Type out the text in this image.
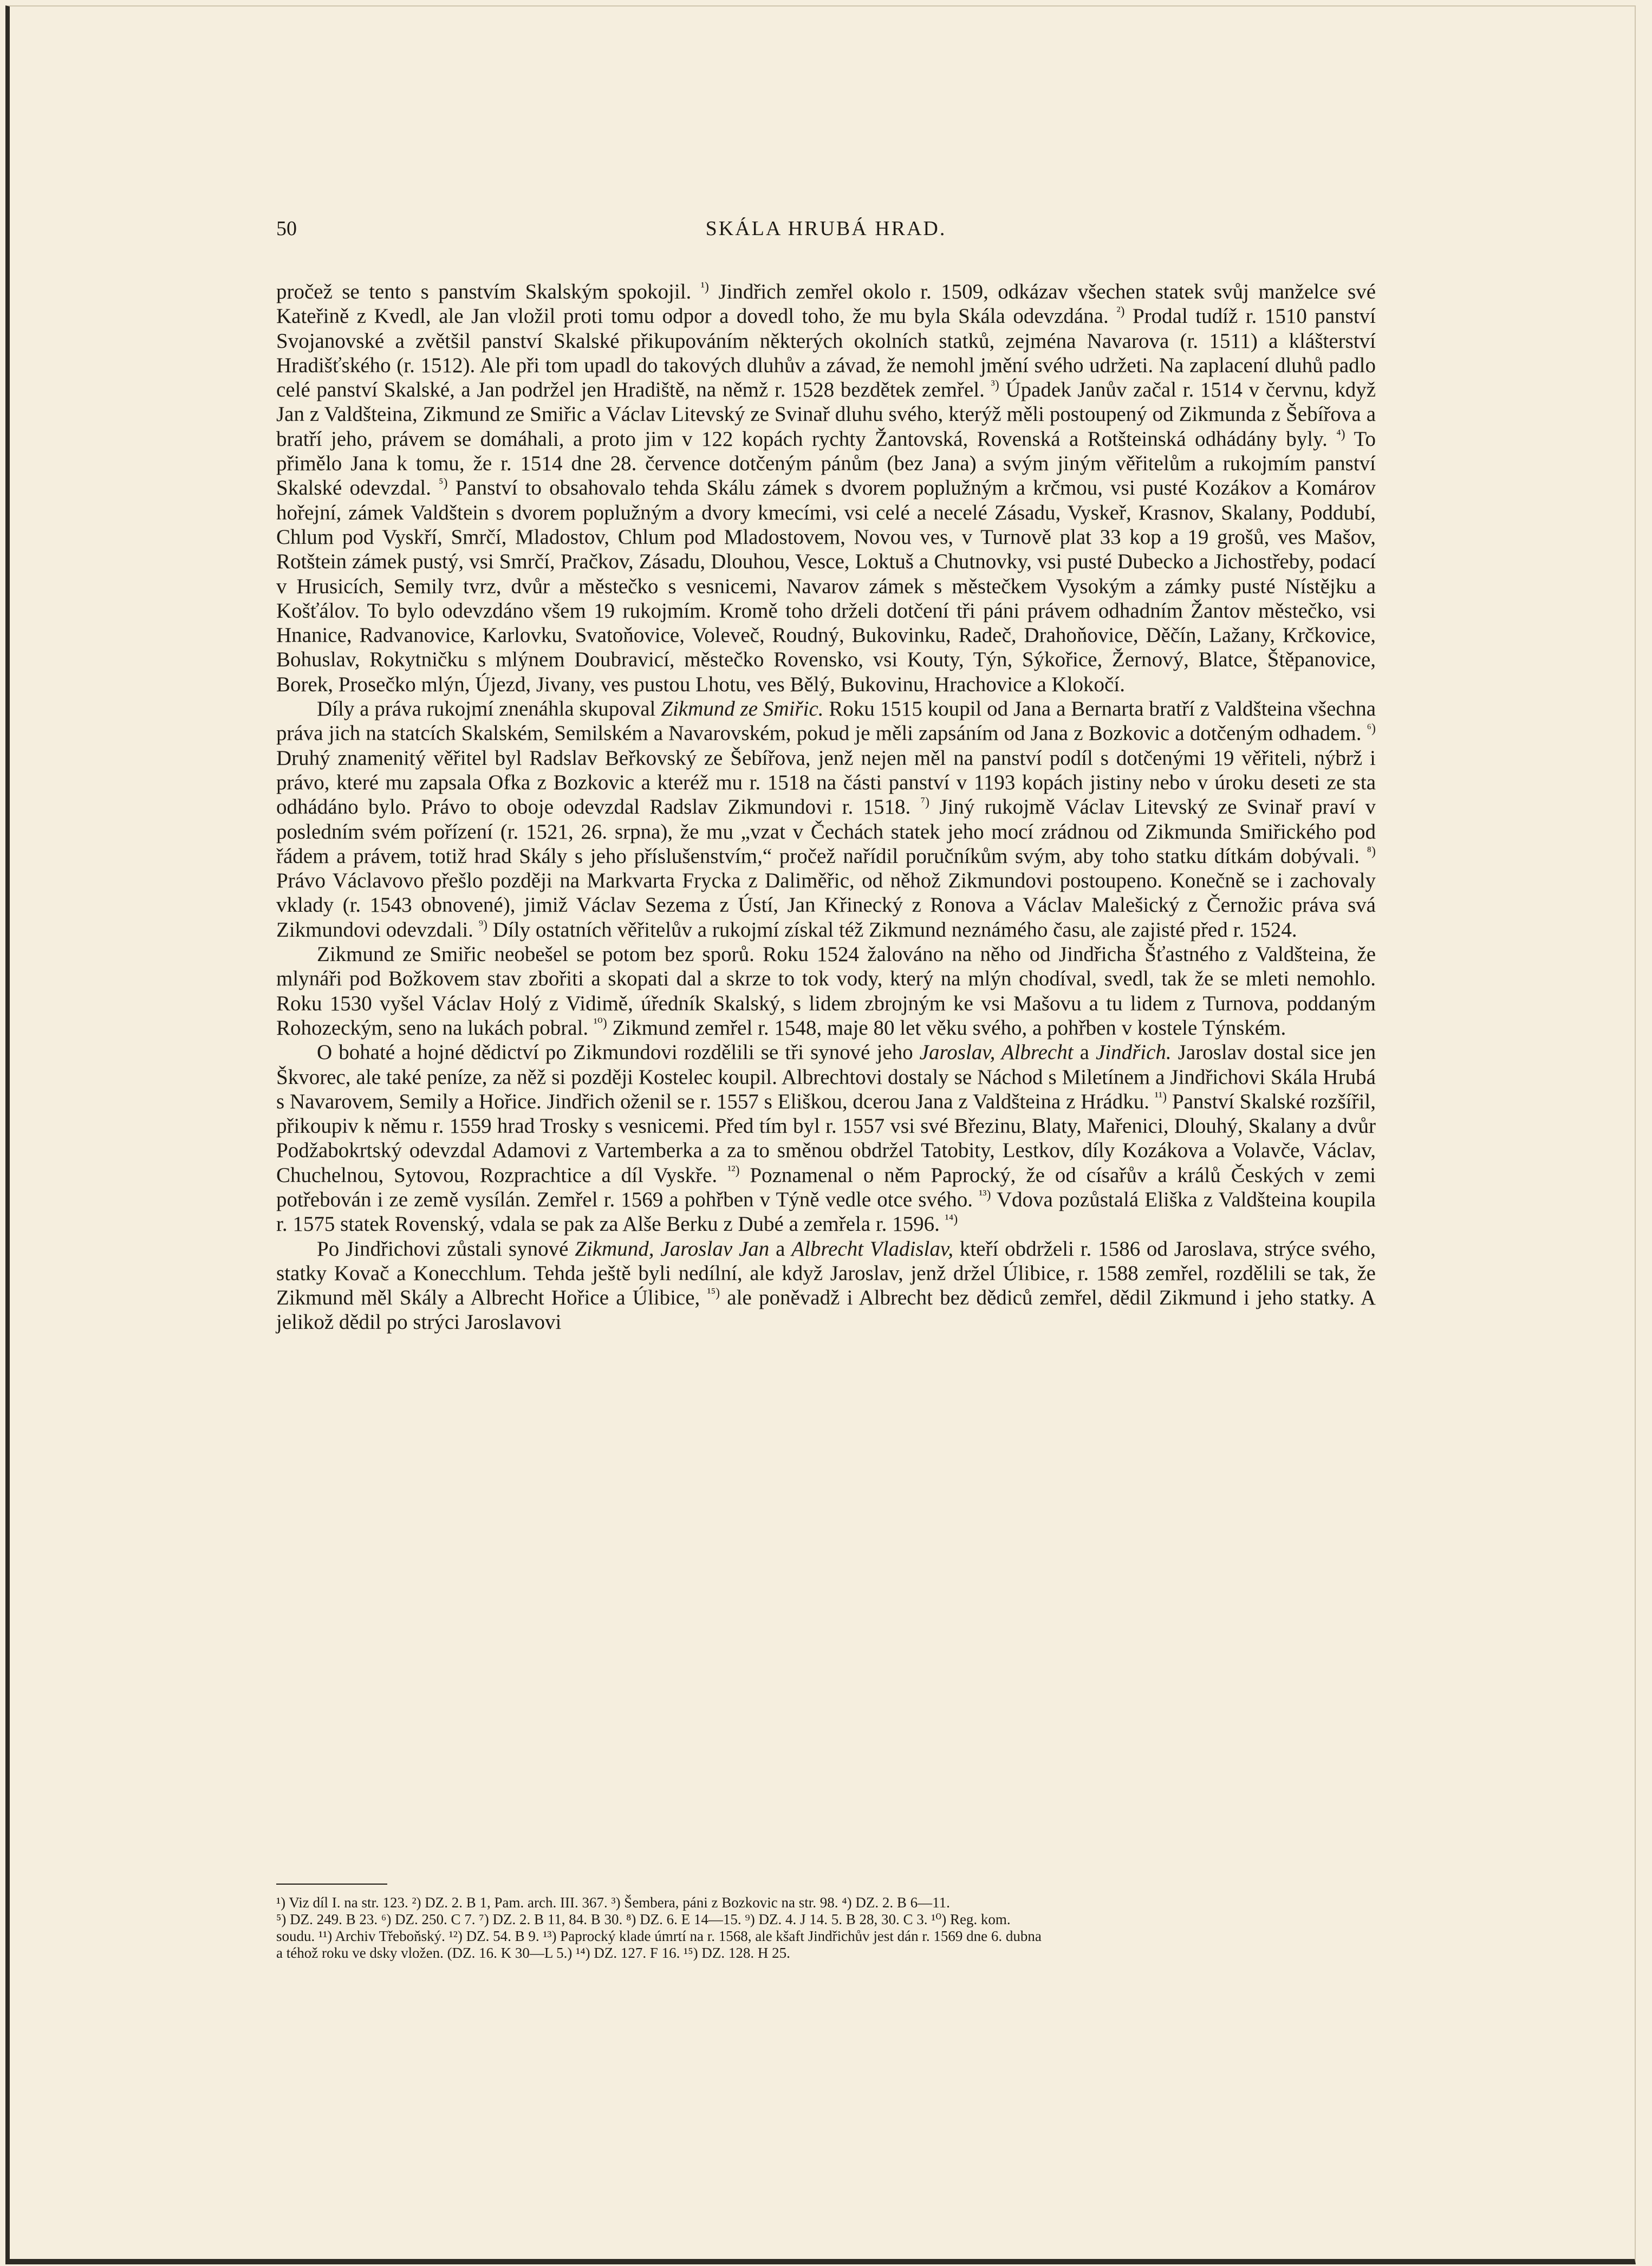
50	SKÁLA HRUBÁ HRAD.

pročež se tento s panstvím Skalským spokojil. $^{^1)}$ Jindřich zemřel okolo r. 1509, odkázav všechen statek svůj manželce své Kateřině z Kvedl, ale Jan vložil proti tomu odpor a dovedl toho, že mu byla Skála odevzdána. $^{^2)}$ Prodal tudíž r. 1510 panství Svojanovské a zvětšil panství Skalské přikupováním některých okolních statků, zejména Navarova (r. 1511) a klášterství Hradišťského (r. 1512). Ale při tom upadl do takových dluhův a závad, že nemohl jmění svého udržeti. Na zaplacení dluhů padlo celé panství Skalské, a Jan podržel jen Hradiště, na němž r. 1528 bezdětek zemřel. $^{^3)}$ Úpadek Janův začal r. 1514 v červnu, když Jan z Valdšteina, Zikmund ze Smiřic a Václav Litevský ze Svinař dluhu svého, kterýž měli postoupený od Zikmunda z Šebířova a bratří jeho, právem se domáhali, a proto jim v 122 kopách rychty Žantovská, Rovenská a Rotšteinská odhádány byly. $^{^4)}$ To přimělo Jana k tomu, že r. 1514 dne 28. července dotčeným pánům (bez Jana) a svým jiným věřitelům a rukojmím panství Skalské odevzdal. $^{^5)}$ Panství to obsahovalo tehda Skálu zámek s dvorem poplužným a krčmou, vsi pusté Kozákov a Komárov hořejní, zámek Valdštein s dvorem poplužným a dvory kmecími, vsi celé a necelé Zásadu, Vyskeř, Krasnov, Skalany, Poddubí, Chlum pod Vyskří, Smrčí, Mladostov, Chlum pod Mladostovem, Novou ves, v Turnově plat 33 kop a 19 grošů, ves Mašov, Rotštein zámek pustý, vsi Smrčí, Pračkov, Zásadu, Dlouhou, Vesce, Loktuš a Chutnovky, vsi pusté Dubecko a Jichostřeby, podací v Hrusicích, Semily tvrz, dvůr a městečko s vesnicemi, Navarov zámek s městečkem Vysokým a zámky pusté Nístějku a Košťálov. To bylo odevzdáno všem 19 rukojmím. Kromě toho drželi dotčení tři páni právem odhadním Žantov městečko, vsi Hnanice, Radvanovice, Karlovku, Svatoňovice, Voleveč, Roudný, Bukovinku, Radeč, Drahoňovice, Děčín, Lažany, Krčkovice, Bohuslav, Rokytničku s mlýnem Doubravicí, městečko Rovensko, vsi Kouty, Týn, Sýkořice, Žernový, Blatce, Štěpanovice, Borek, Prosečko mlýn, Újezd, Jivany, ves pustou Lhotu, ves Bělý, Bukovinu, Hrachovice a Klokočí.

Díly a práva rukojmí znenáhla skupoval Zikmund ze Smiřic. Roku 1515 koupil od Jana a Bernarta bratří z Valdšteina všechna práva jich na statcích Skalském, Semilském a Navarovském, pokud je měli zapsáním od Jana z Bozkovic a dotčeným odhadem. $^{^6)}$ Druhý znamenitý věřitel byl Radslav Beřkovský ze Šebířova, jenž nejen měl na panství podíl s dotčenými 19 věřiteli, nýbrž i právo, které mu zapsala Ofka z Bozkovic a kteréž mu r. 1518 na části panství v 1193 kopách jistiny nebo v úroku deseti ze sta odhádáno bylo. Právo to oboje odevzdal Radslav Zikmundovi r. 1518. $^{^7)}$ Jiný rukojmě Václav Litevský ze Svinař praví v posledním svém pořízení (r. 1521, 26. srpna), že mu „vzat v Čechách statek jeho mocí zrádnou od Zikmunda Smiřického pod řádem a právem, totiž hrad Skály s jeho příslušenstvím,“ pročež nařídil poručníkům svým, aby toho statku dítkám dobývali. $^{^8)}$ Právo Václavovo přešlo později na Markvarta Frycka z Daliměřic, od něhož Zikmundovi postoupeno. Konečně se i zachovaly vklady (r. 1543 obnovené), jimiž Václav Sezema z Ústí, Jan Křinecký z Ronova a Václav Malešický z Černožic práva svá Zikmundovi odevzdali. $^{^9)}$ Díly ostatních věřitelův a rukojmí získal též Zikmund neznámého času, ale zajisté před r. 1524.

Zikmund ze Smiřic neobešel se potom bez sporů. Roku 1524 žalováno na něho od Jindřicha Šťastného z Valdšteina, že mlynáři pod Božkovem stav zbořiti a skopati dal a skrze to tok vody, který na mlýn chodíval, svedl, tak že se mleti nemohlo. Roku 1530 vyšel Václav Holý z Vidimě, úředník Skalský, s lidem zbrojným ke vsi Mašovu a tu lidem z Turnova, poddaným Rohozeckým, seno na lukách pobral. $^{^{10})}$ Zikmund zemřel r. 1548, maje 80 let věku svého, a pohřben v kostele Týnském.

O bohaté a hojné dědictví po Zikmundovi rozdělili se tři synové jeho Jaroslav, Albrecht a Jindřich. Jaroslav dostal sice jen Škvorec, ale také peníze, za něž si později Kostelec koupil. Albrechtovi dostaly se Náchod s Miletínem a Jindřichovi Skála Hrubá s Navarovem, Semily a Hořice. Jindřich oženil se r. 1557 s Eliškou, dcerou Jana z Valdšteina z Hrádku. $^{^{11})}$ Panství Skalské rozšířil, přikoupiv k němu r. 1559 hrad Trosky s vesnicemi. Před tím byl r. 1557 vsi své Březinu, Blaty, Mařenici, Dlouhý, Skalany a dvůr Podžabokrtský odevzdal Adamovi z Vartemberka a za to směnou obdržel Tatobity, Lestkov, díly Kozákova a Volavče, Václav, Chuchelnou, Sytovou, Rozprachtice a díl Vyskře. $^{^{12})}$ Poznamenal o něm Paprocký, že od císařův a králů Českých v zemi potřebován i ze země vysílán. Zemřel r. 1569 a pohřben v Týně vedle otce svého. $^{^{13})}$ Vdova pozůstalá Eliška z Valdšteina koupila r. 1575 statek Rovenský, vdala se pak za Alše Berku z Dubé a zemřela r. 1596. $^{^{14})}$

Po Jindřichovi zůstali synové Zikmund, Jaroslav Jan a Albrecht Vladislav, kteří obdrželi r. 1586 od Jaroslava, strýce svého, statky Kovač a Konecchlum. Tehda ještě byli nedílní, ale když Jaroslav, jenž držel Úlibice, r. 1588 zemřel, rozdělili se tak, že Zikmund měl Skály a Albrecht Hořice a Úlibice, $^{^{15})}$ ale poněvadž i Albrecht bez dědiců zemřel, dědil Zikmund i jeho statky. A jelikož dědil po strýci Jaroslavovi

¹) Viz díl I. na str. 123. ²) DZ. 2. B 1, Pam. arch. III. 367. ³) Šembera, páni z Bozkovic na str. 98. ⁴) DZ. 2. B 6—11.

⁵) DZ. 249. B 23. ⁶) DZ. 250. C 7. ⁷) DZ. 2. B 11, 84. B 30. ⁸) DZ. 6. E 14—15. ⁹) DZ. 4. J 14. 5. B 28, 30. C 3. ¹⁰) Reg. kom.

soudu. ¹¹) Archiv Třeboňský. ¹²) DZ. 54. B 9. ¹³) Paprocký klade úmrtí na r. 1568, ale kšaft Jindřichův jest dán r. 1569 dne 6. dubna

a téhož roku ve dsky vložen. (DZ. 16. K 30—L 5.) ¹⁴) DZ. 127. F 16. ¹⁵) DZ. 128. H 25.
